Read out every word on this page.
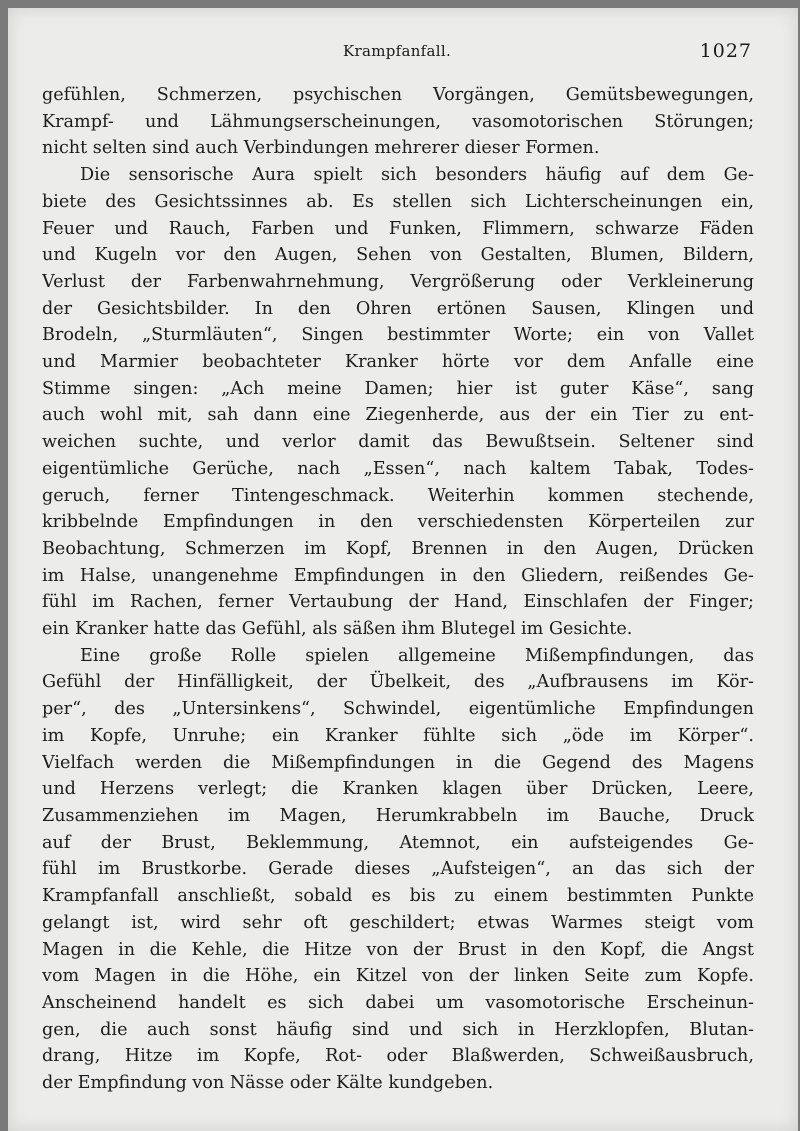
Krampfanfall.	1027
gefühlen, Schmerzen, psychischen Vorgängen, Gemütsbewegungen,
Krampf- und Lähmungserscheinungen, vasomotorischen Störungen;
nicht selten sind auch Verbindungen mehrerer dieser Formen.
Die sensorische Aura spielt sich besonders häufig auf dem Ge-
biete des Gesichtssinnes ab. Es stellen sich Lichterscheinungen ein,
Feuer und Rauch, Farben und Funken, Flimmern, schwarze Fäden
und Kugeln vor den Augen, Sehen von Gestalten, Blumen, Bildern,
Verlust der Farbenwahrnehmung, Vergrößerung oder Verkleinerung
der Gesichtsbilder. In den Ohren ertönen Sausen, Klingen und
Brodeln, „Sturmläuten“, Singen bestimmter Worte; ein von Vallet
und Marmier beobachteter Kranker hörte vor dem Anfalle eine
Stimme singen: „Ach meine Damen; hier ist guter Käse“, sang
auch wohl mit, sah dann eine Ziegenherde, aus der ein Tier zu ent-
weichen suchte, und verlor damit das Bewußtsein. Seltener sind
eigentümliche Gerüche, nach „Essen“, nach kaltem Tabak, Todes-
geruch, ferner Tintengeschmack. Weiterhin kommen stechende,
kribbelnde Empfindungen in den verschiedensten Körperteilen zur
Beobachtung, Schmerzen im Kopf, Brennen in den Augen, Drücken
im Halse, unangenehme Empfindungen in den Gliedern, reißendes Ge-
fühl im Rachen, ferner Vertaubung der Hand, Einschlafen der Finger;
ein Kranker hatte das Gefühl, als säßen ihm Blutegel im Gesichte.
Eine große Rolle spielen allgemeine Mißempfindungen, das
Gefühl der Hinfälligkeit, der Übelkeit, des „Aufbrausens im Kör-
per“, des „Untersinkens“, Schwindel, eigentümliche Empfindungen
im Kopfe, Unruhe; ein Kranker fühlte sich „öde im Körper“.
Vielfach werden die Mißempfindungen in die Gegend des Magens
und Herzens verlegt; die Kranken klagen über Drücken, Leere,
Zusammenziehen im Magen, Herumkrabbeln im Bauche, Druck
auf der Brust, Beklemmung, Atemnot, ein aufsteigendes Ge-
fühl im Brustkorbe. Gerade dieses „Aufsteigen“, an das sich der
Krampfanfall anschließt, sobald es bis zu einem bestimmten Punkte
gelangt ist, wird sehr oft geschildert; etwas Warmes steigt vom
Magen in die Kehle, die Hitze von der Brust in den Kopf, die Angst
vom Magen in die Höhe, ein Kitzel von der linken Seite zum Kopfe.
Anscheinend handelt es sich dabei um vasomotorische Erscheinun-
gen, die auch sonst häufig sind und sich in Herzklopfen, Blutan-
drang, Hitze im Kopfe, Rot- oder Blaßwerden, Schweißausbruch,
der Empfindung von Nässe oder Kälte kundgeben.
